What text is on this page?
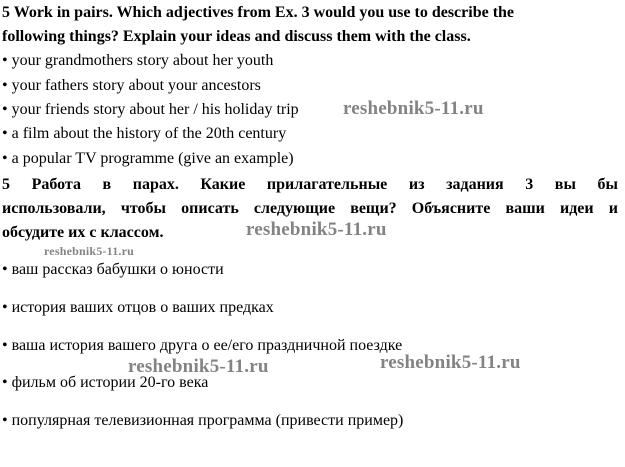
5 Work in pairs. Which adjectives from Ex. 3 would you use to describe the
following things? Explain your ideas and discuss them with the class.
• your grandmothers story about her youth
• your fathers story about your ancestors
• your friends story about her / his holiday trip
• a film about the history of the 20th century
• a popular TV programme (give an example)
5 Работа в парах. Какие прилагательные из задания 3 вы бы
использовали, чтобы описать следующие вещи? Объясните ваши идеи и
обсудите их с классом.
• ваш рассказ бабушки о юности
• история ваших отцов о ваших предках
• ваша история вашего друга о ее/его праздничной поездке
• фильм об истории 20-го века
• популярная телевизионная программа (привести пример)
reshebnik5-11.ru
reshebnik5-11.ru
reshebnik5-11.ru
reshebnik5-11.ru	reshebnik5-11.ru
